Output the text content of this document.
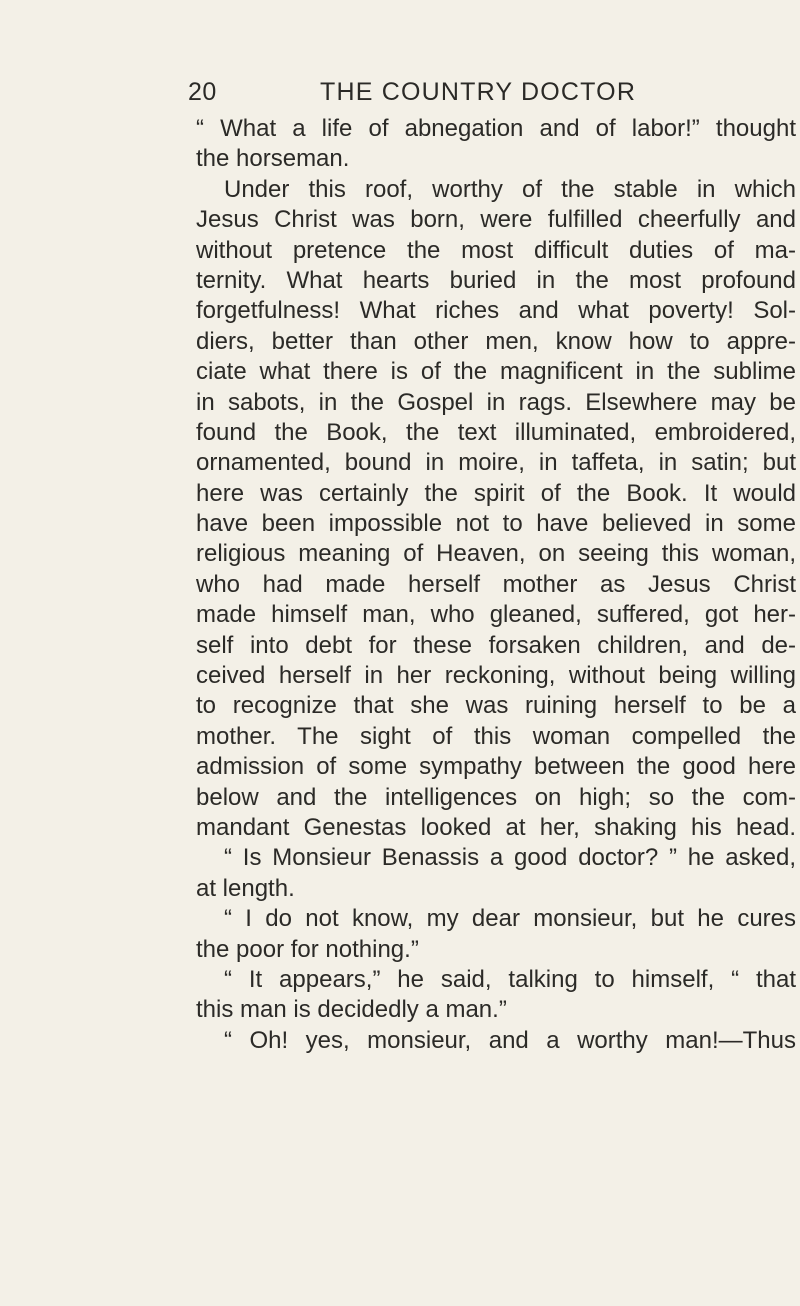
20	THE COUNTRY DOCTOR
“ What a life of abnegation and of labor!” thought
the horseman.
Under this roof, worthy of the stable in which
Jesus Christ was born, were fulfilled cheerfully and
without pretence the most difficult duties of ma-
ternity. What hearts buried in the most profound
forgetfulness! What riches and what poverty! Sol-
diers, better than other men, know how to appre-
ciate what there is of the magnificent in the sublime
in sabots, in the Gospel in rags. Elsewhere may be
found the Book, the text illuminated, embroidered,
ornamented, bound in moire, in taffeta, in satin; but
here was certainly the spirit of the Book. It would
have been impossible not to have believed in some
religious meaning of Heaven, on seeing this woman,
who had made herself mother as Jesus Christ
made himself man, who gleaned, suffered, got her-
self into debt for these forsaken children, and de-
ceived herself in her reckoning, without being willing
to recognize that she was ruining herself to be a
mother. The sight of this woman compelled the
admission of some sympathy between the good here
below and the intelligences on high; so the com-
mandant Genestas looked at her, shaking his head.
“ Is Monsieur Benassis a good doctor? ” he asked,
at length.
“ I do not know, my dear monsieur, but he cures
the poor for nothing.”
“ It appears,” he said, talking to himself, “ that
this man is decidedly a man.”
“ Oh! yes, monsieur, and a worthy man!—Thus
